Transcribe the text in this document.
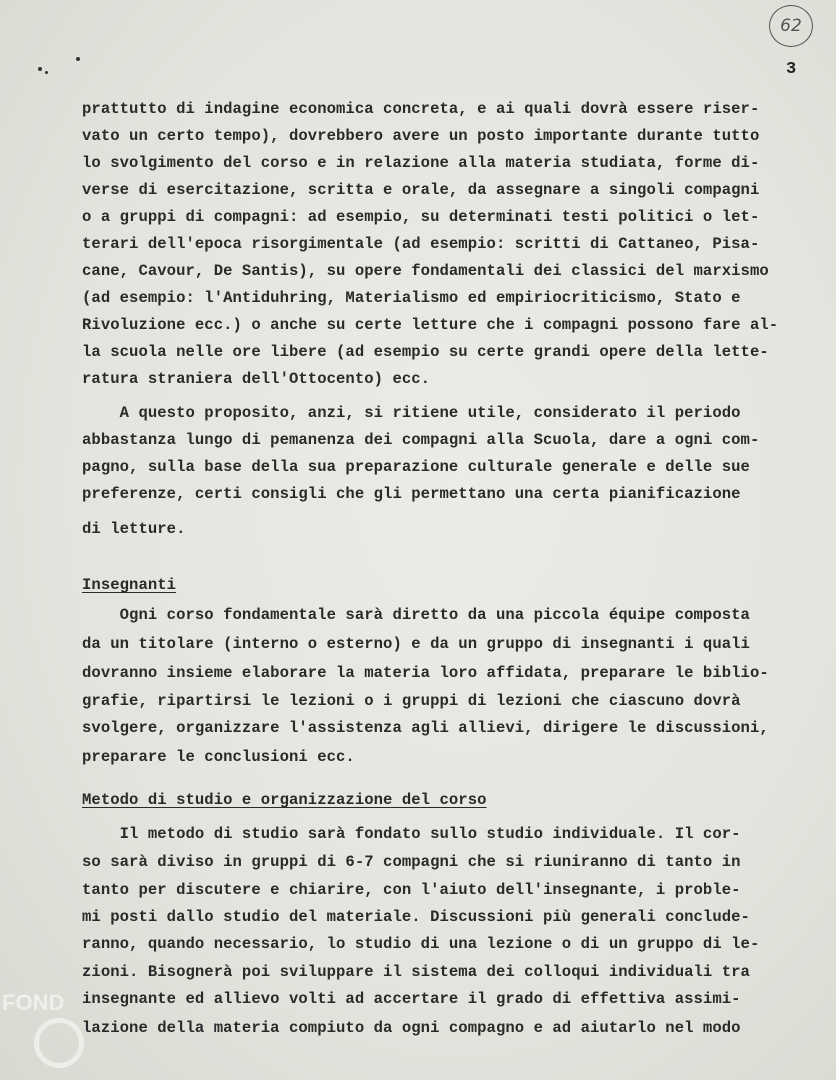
62
3
prattutto di indagine economica concreta, e ai quali dovrà essere riser-
vato un certo tempo), dovrebbero avere un posto importante durante tutto
lo svolgimento del corso e in relazione alla materia studiata, forme di-
verse di esercitazione, scritta e orale, da assegnare a singoli compagni
o a gruppi di compagni: ad esempio, su determinati testi politici o let-
terari dell'epoca risorgimentale (ad esempio: scritti di Cattaneo, Pisa-
cane, Cavour, De Santis), su opere fondamentali dei classici del marxismo
(ad esempio: l'Antiduhring, Materialismo ed empiriocriticismo, Stato e
Rivoluzione ecc.) o anche su certe letture che i compagni possono fare al-
la scuola nelle ore libere (ad esempio su certe grandi opere della lette-
ratura straniera dell'Ottocento) ecc.
A questo proposito, anzi, si ritiene utile, considerato il periodo
abbastanza lungo di pemanenza dei compagni alla Scuola, dare a ogni com-
pagno, sulla base della sua preparazione culturale generale e delle sue
preferenze, certi consigli che gli permettano una certa pianificazione
di letture.
Insegnanti
Ogni corso fondamentale sarà diretto da una piccola équipe composta
da un titolare (interno o esterno) e da un gruppo di insegnanti i quali
dovranno insieme elaborare la materia loro affidata, preparare le biblio-
grafie, ripartirsi le lezioni o i gruppi di lezioni che ciascuno dovrà
svolgere, organizzare l'assistenza agli allievi, dirigere le discussioni,
preparare le conclusioni ecc.
Metodo di studio e organizzazione del corso
Il metodo di studio sarà fondato sullo studio individuale. Il cor-
so sarà diviso in gruppi di 6-7 compagni che si riuniranno di tanto in
tanto per discutere e chiarire, con l'aiuto dell'insegnante, i proble-
mi posti dallo studio del materiale. Discussioni più generali conclude-
ranno, quando necessario, lo studio di una lezione o di un gruppo di le-
zioni. Bisognerà poi sviluppare il sistema dei colloqui individuali tra
insegnante ed allievo volti ad accertare il grado di effettiva assimi-
lazione della materia compiuto da ogni compagno e ad aiutarlo nel modo
FOND
